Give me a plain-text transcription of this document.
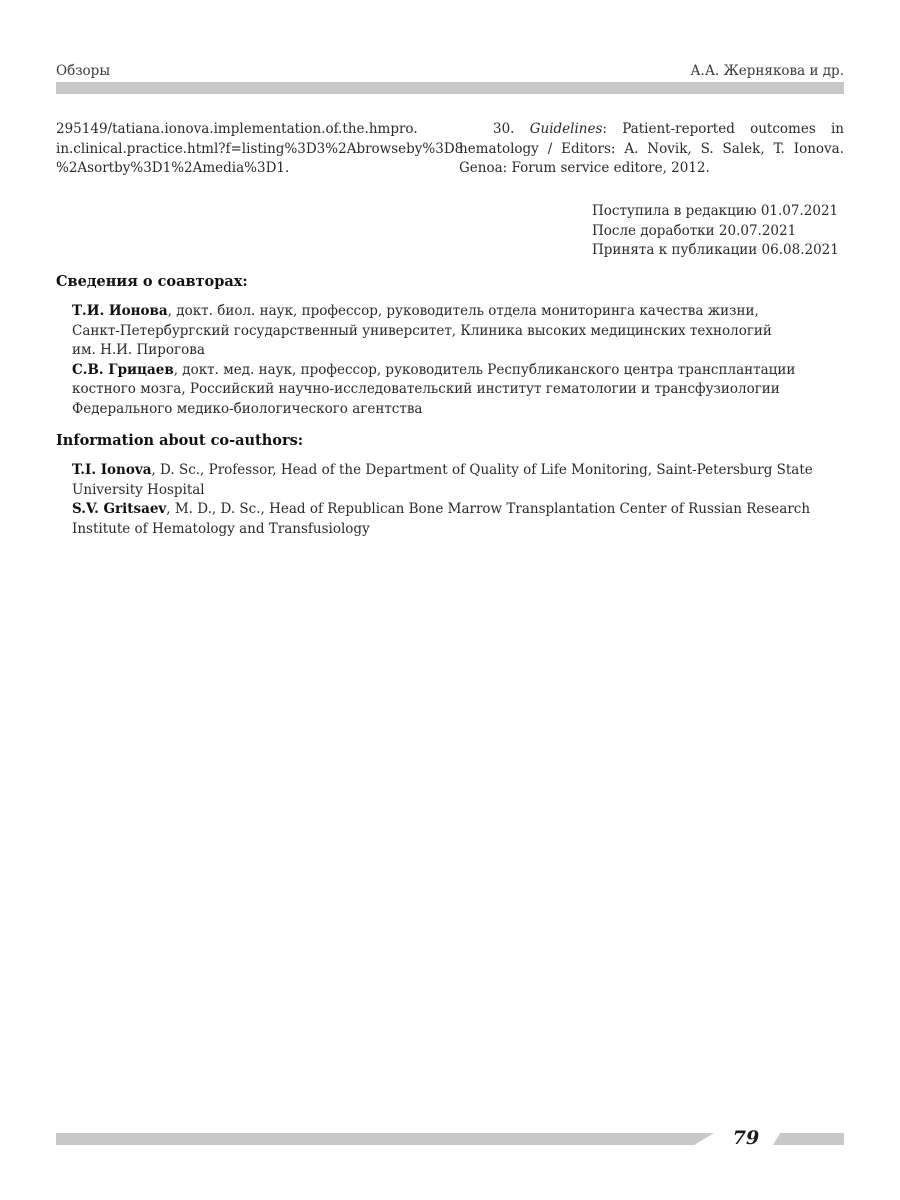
Обзоры	А.А. Жернякова и др.
295149/tatiana.ionova.implementation.of.the.hmpro.
in.clinical.practice.html?f=listing%3D3%2Abrowseby%3D8
%2Asortby%3D1%2Amedia%3D1.
30. Guidelines: Patient-reported outcomes in hematology / Editors: A. Novik, S. Salek, T. Ionova. Genoa: Forum service editore, 2012.
Поступила в редакцию 01.07.2021
После доработки 20.07.2021
Принята к публикации 06.08.2021
Сведения о соавторах:
Т.И. Ионова, докт. биол. наук, профессор, руководитель отдела мониторинга качества жизни,
Санкт-Петербургский государственный университет, Клиника высоких медицинских технологий
им. Н.И. Пирогова
С.В. Грицаев, докт. мед. наук, профессор, руководитель Республиканского центра трансплантации
костного мозга, Российский научно-исследовательский институт гематологии и трансфузиологии
Федерального медико-биологического агентства
Information about co-authors:
T.I. Ionova, D. Sc., Professor, Head of the Department of Quality of Life Monitoring, Saint-Petersburg State
University Hospital
S.V. Gritsaev, M. D., D. Sc., Head of Republican Bone Marrow Transplantation Center of Russian Research
Institute of Hematology and Transfusiology
79
